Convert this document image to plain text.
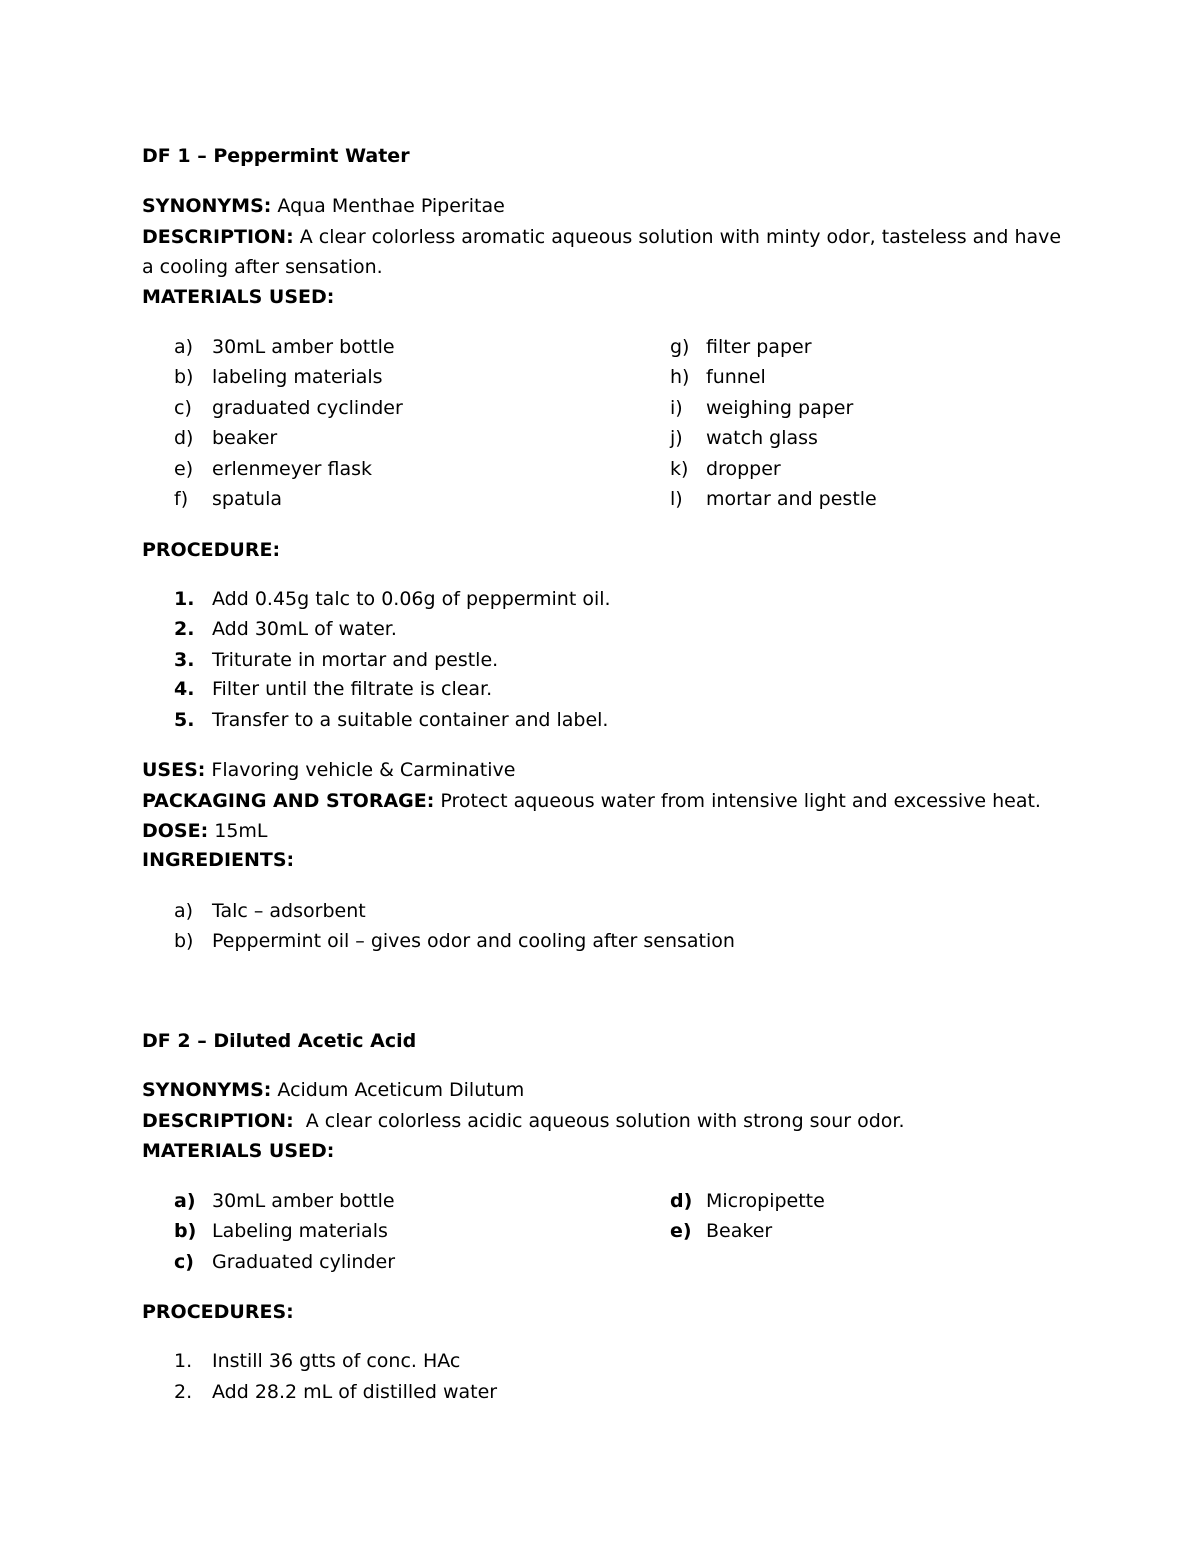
DF 1 – Peppermint Water
SYNONYMS: Aqua Menthae Piperitae
DESCRIPTION: A clear colorless aromatic aqueous solution with minty odor, tasteless and have a cooling after sensation.
MATERIALS USED:
a) 30mL amber bottle
b) labeling materials
c)	graduated cyclinder
d) beaker
e) erlenmeyer flask
f)	spatula
g) filter paper
h) funnel
i)	weighing paper
j)	watch glass
k) dropper
l)	mortar and pestle
PROCEDURE:
1. Add 0.45g talc to 0.06g of peppermint oil.
2. Add 30mL of water.
3. Triturate in mortar and pestle.
4. Filter until the filtrate is clear.
5. Transfer to a suitable container and label.
USES: Flavoring vehicle & Carminative
PACKAGING AND STORAGE: Protect aqueous water from intensive light and excessive heat.
DOSE: 15mL
INGREDIENTS:
a) Talc – adsorbent
b) Peppermint oil – gives odor and cooling after sensation
DF 2 – Diluted Acetic Acid
SYNONYMS: Acidum Aceticum Dilutum
DESCRIPTION:  A clear colorless acidic aqueous solution with strong sour odor.
MATERIALS USED:
a) 30mL amber bottle
b) Labeling materials
c) Graduated cylinder
d) Micropipette
e) Beaker
PROCEDURES:
1.	Instill 36 gtts of conc. HAc
2.	Add 28.2 mL of distilled water
